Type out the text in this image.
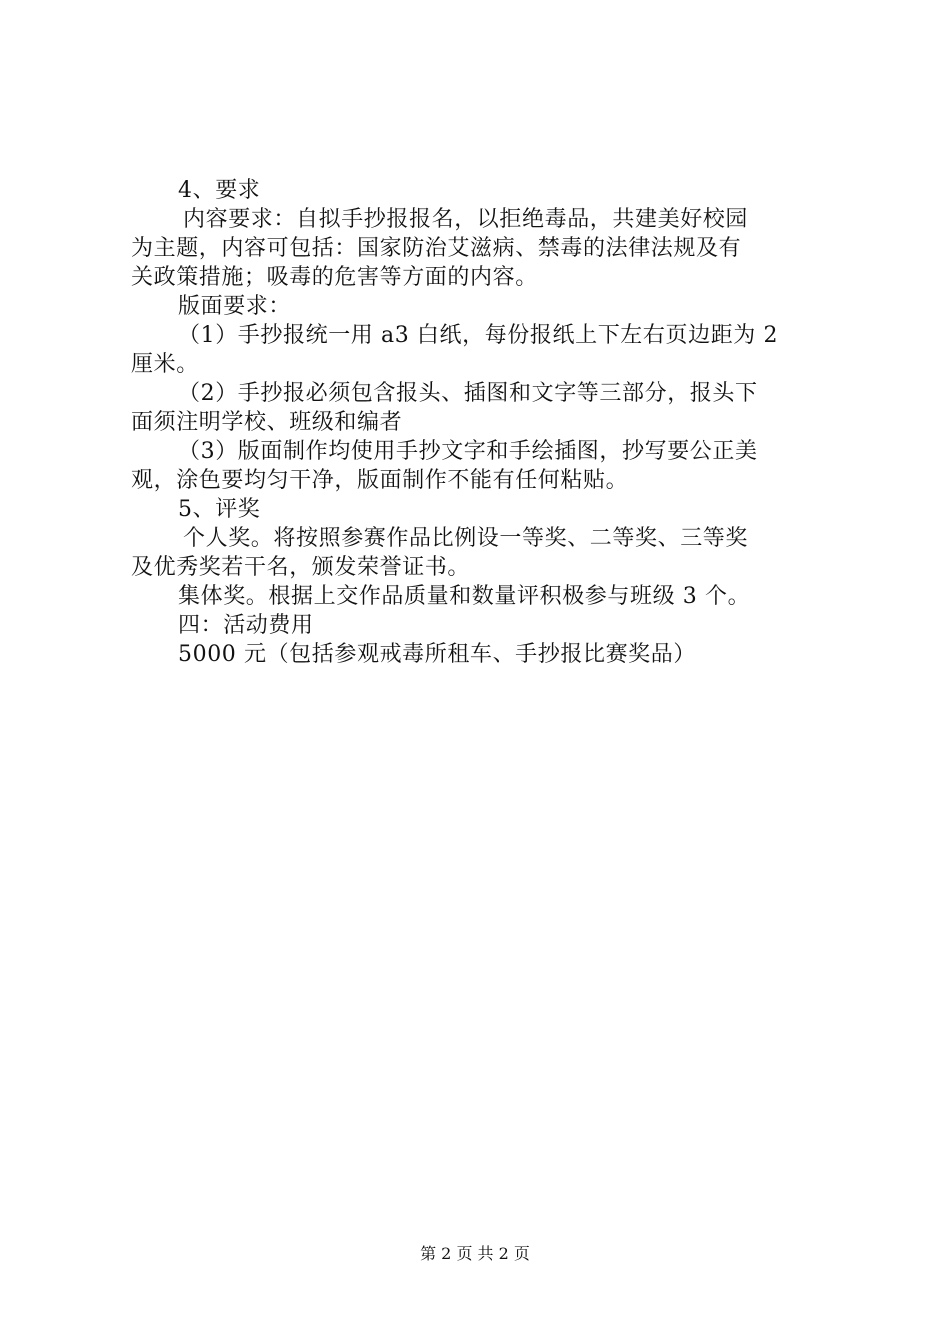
4、要求
内容要求：自拟手抄报报名，以拒绝毒品，共建美好校园
为主题，内容可包括：国家防治艾滋病、禁毒的法律法规及有
关政策措施；吸毒的危害等方面的内容。
版面要求：
（1）手抄报统一用 a3 白纸，每份报纸上下左右页边距为 2
厘米。
（2）手抄报必须包含报头、插图和文字等三部分，报头下
面须注明学校、班级和编者
（3）版面制作均使用手抄文字和手绘插图，抄写要公正美
观，涂色要均匀干净，版面制作不能有任何粘贴。
5、评奖
个人奖。将按照参赛作品比例设一等奖、二等奖、三等奖
及优秀奖若干名，颁发荣誉证书。
集体奖。根据上交作品质量和数量评积极参与班级 3 个。
四：活动费用
5000 元（包括参观戒毒所租车、手抄报比赛奖品）
第 2 页 共 2 页
